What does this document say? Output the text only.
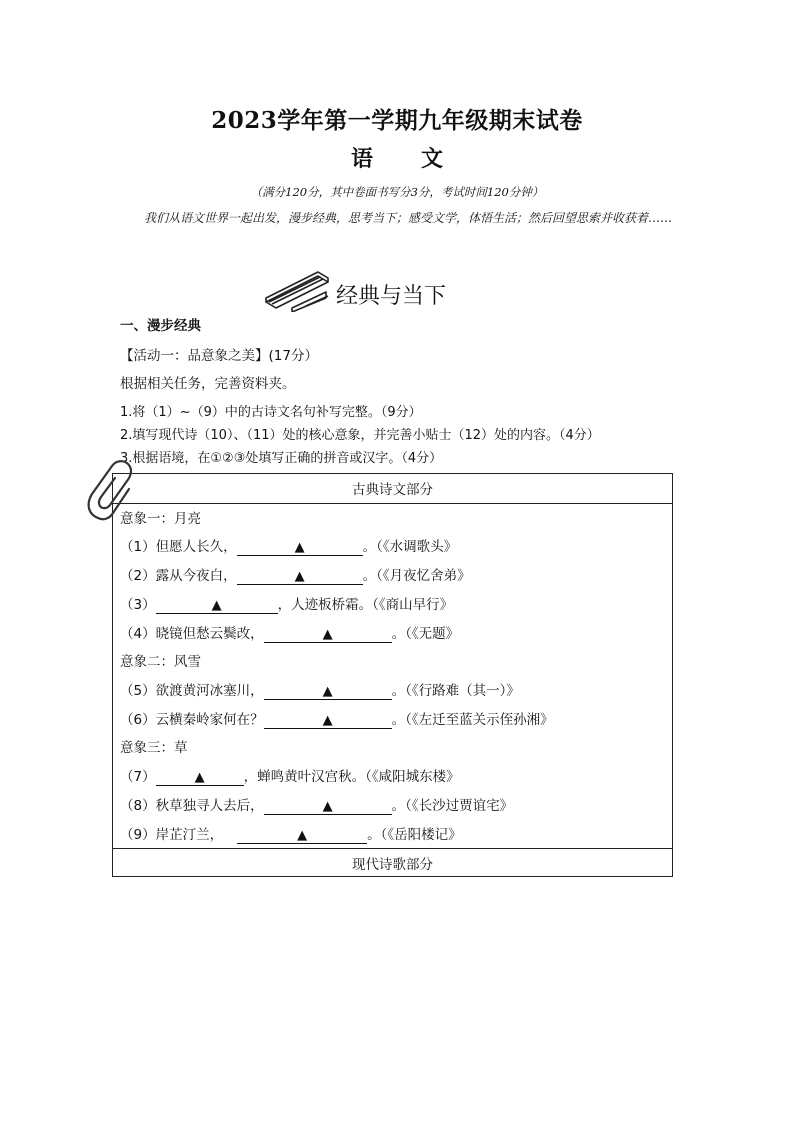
2023学年第一学期九年级期末试卷
语 文
（满分120分，其中卷面书写分3分，考试时间120分钟）
我们从语文世界一起出发，漫步经典，思考当下；感受文学，体悟生活；然后回望思索并收获着……
经典与当下
一、漫步经典
【活动一：品意象之美】(17分）
根据相关任务，完善资料夹。
1.将（1）~（9）中的古诗文名句补写完整。（9分）
2.填写现代诗（10）、（11）处的核心意象，并完善小贴士（12）处的内容。（4分）
3.根据语境，在①②③处填写正确的拼音或汉字。（4分）
古典诗文部分
意象一：月亮
（1）但愿人长久，	▲	。（《水调歌头》
（2）露从今夜白，	▲	。（《月夜忆舍弟》
（3）	▲	，人迹板桥霜。（《商山早行》
（4）晓镜但愁云鬓改，	▲	。（《无题》
意象二：风雪
（5）欲渡黄河冰塞川，	▲	。（《行路难（其一）》
（6）云横秦岭家何在？	▲	。（《左迁至蓝关示侄孙湘》
意象三：草
（7）	▲	，蝉鸣黄叶汉宫秋。（《咸阳城东楼》
（8）秋草独寻人去后，	▲	。（《长沙过贾谊宅》
（9）岸芷汀兰，	▲	。（《岳阳楼记》
现代诗歌部分
